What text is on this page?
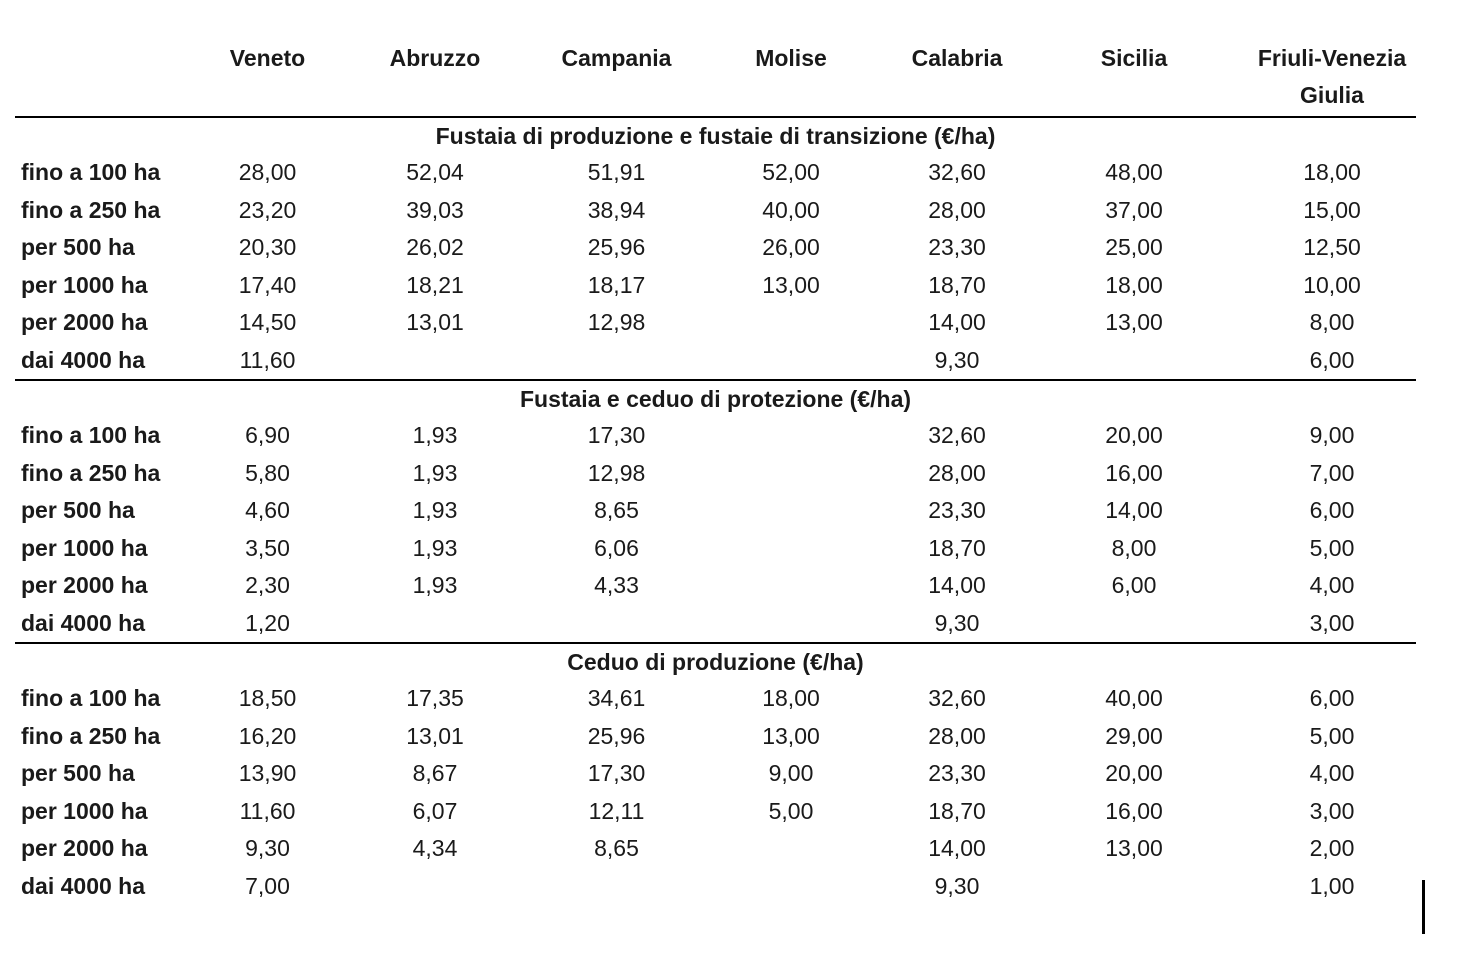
	Veneto	Abruzzo	Campania	Molise	Calabria	Sicilia	Friuli-Venezia Giulia
Fustaia di produzione e fustaie di transizione (€/ha)							
fino a 100 ha	28,00	52,04	51,91	52,00	32,60	48,00	18,00
fino a 250 ha	23,20	39,03	38,94	40,00	28,00	37,00	15,00
per 500 ha	20,30	26,02	25,96	26,00	23,30	25,00	12,50
per 1000 ha	17,40	18,21	18,17	13,00	18,70	18,00	10,00
per 2000 ha	14,50	13,01	12,98		14,00	13,00	8,00
dai 4000 ha	11,60				9,30		6,00
Fustaia e ceduo di protezione (€/ha)							
fino a 100 ha	6,90	1,93	17,30		32,60	20,00	9,00
fino a 250 ha	5,80	1,93	12,98		28,00	16,00	7,00
per 500 ha	4,60	1,93	8,65		23,30	14,00	6,00
per 1000 ha	3,50	1,93	6,06		18,70	8,00	5,00
per 2000 ha	2,30	1,93	4,33		14,00	6,00	4,00
dai 4000 ha	1,20				9,30		3,00
Ceduo di produzione (€/ha)							
fino a 100 ha	18,50	17,35	34,61	18,00	32,60	40,00	6,00
fino a 250 ha	16,20	13,01	25,96	13,00	28,00	29,00	5,00
per 500 ha	13,90	8,67	17,30	9,00	23,30	20,00	4,00
per 1000 ha	11,60	6,07	12,11	5,00	18,70	16,00	3,00
per 2000 ha	9,30	4,34	8,65		14,00	13,00	2,00
dai 4000 ha	7,00				9,30		1,00
